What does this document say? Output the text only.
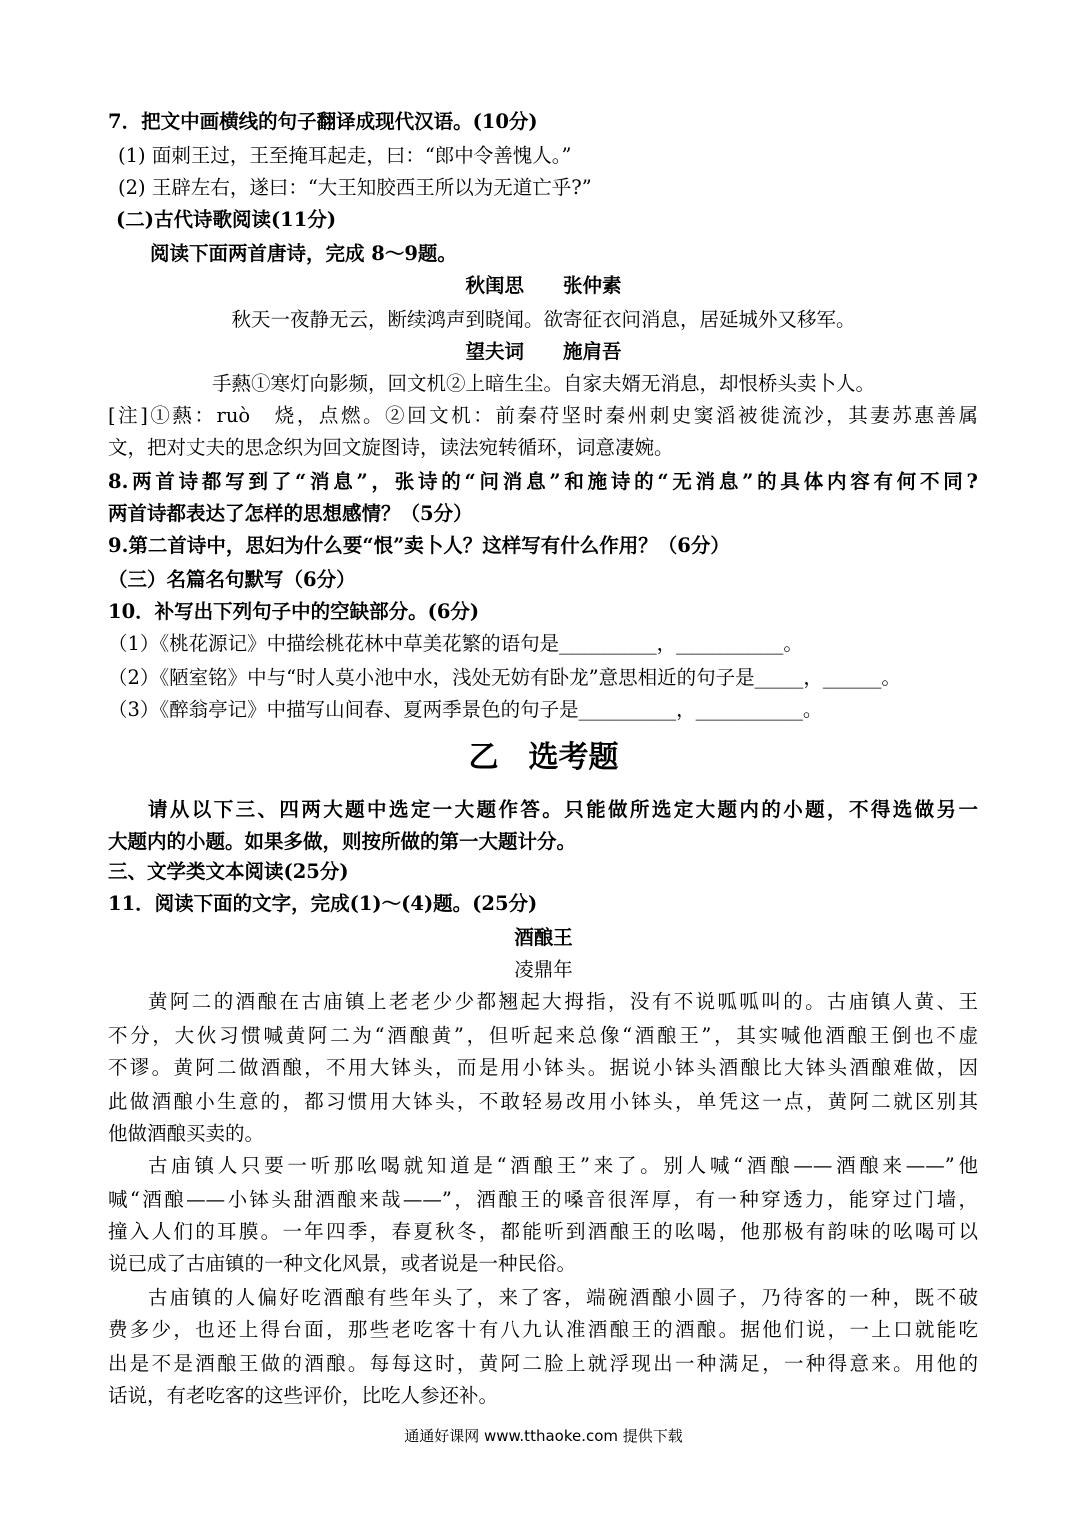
7．把文中画横线的句子翻译成现代汉语。(10分)
(1) 面刺王过，王至掩耳起走，曰：“郎中令善愧人。”
(2) 王辟左右，遂曰：“大王知胶西王所以为无道亡乎?”
(二)古代诗歌阅读(11分)
阅读下面两首唐诗，完成 8～9题。
秋闺思　　张仲素
秋天一夜静无云，断续鸿声到晓闻。欲寄征衣问消息，居延城外又移军。
望夫词　　施肩吾
手爇①寒灯向影频，回文机②上暗生尘。自家夫婿无消息，却恨桥头卖卜人。
[注]①爇：ruò　烧，点燃。②回文机：前秦苻坚时秦州刺史窦滔被徙流沙，其妻苏惠善属
文，把对丈夫的思念织为回文旋图诗，读法宛转循环，词意凄婉。
8.两首诗都写到了“消息”，张诗的“问消息”和施诗的“无消息”的具体内容有何不同?
两首诗都表达了怎样的思想感情？（5分）
9.第二首诗中，思妇为什么要“恨”卖卜人？这样写有什么作用？（6分）
（三）名篇名句默写（6分）
10．补写出下列句子中的空缺部分。(6分)
（1）《桃花源记》中描绘桃花林中草美花繁的语句是__________，___________。
（2）《陋室铭》中与“时人莫小池中水，浅处无妨有卧龙”意思相近的句子是_____，______。
（3）《醉翁亭记》中描写山间春、夏两季景色的句子是__________，___________。
乙　选考题
请从以下三、四两大题中选定一大题作答。只能做所选定大题内的小题，不得选做另一
大题内的小题。如果多做，则按所做的第一大题计分。
三、文学类文本阅读(25分)
11．阅读下面的文字，完成(1)～(4)题。(25分)
酒酿王
凌鼎年
黄阿二的酒酿在古庙镇上老老少少都翘起大拇指，没有不说呱呱叫的。古庙镇人黄、王
不分，大伙习惯喊黄阿二为“酒酿黄”，但听起来总像“酒酿王”，其实喊他酒酿王倒也不虚
不谬。黄阿二做酒酿，不用大钵头，而是用小钵头。据说小钵头酒酿比大钵头酒酿难做，因
此做酒酿小生意的，都习惯用大钵头，不敢轻易改用小钵头，单凭这一点，黄阿二就区别其
他做酒酿买卖的。
古庙镇人只要一听那吆喝就知道是“酒酿王”来了。别人喊“酒酿——酒酿来——”他
喊“酒酿——小钵头甜酒酿来哉——”，酒酿王的嗓音很浑厚，有一种穿透力，能穿过门墙，
撞入人们的耳膜。一年四季，春夏秋冬，都能听到酒酿王的吆喝，他那极有韵味的吆喝可以
说已成了古庙镇的一种文化风景，或者说是一种民俗。
古庙镇的人偏好吃酒酿有些年头了，来了客，端碗酒酿小圆子，乃待客的一种，既不破
费多少，也还上得台面，那些老吃客十有八九认准酒酿王的酒酿。据他们说，一上口就能吃
出是不是酒酿王做的酒酿。每每这时，黄阿二脸上就浮现出一种满足，一种得意来。用他的
话说，有老吃客的这些评价，比吃人参还补。
通通好课网 www.tthaoke.com 提供下载
